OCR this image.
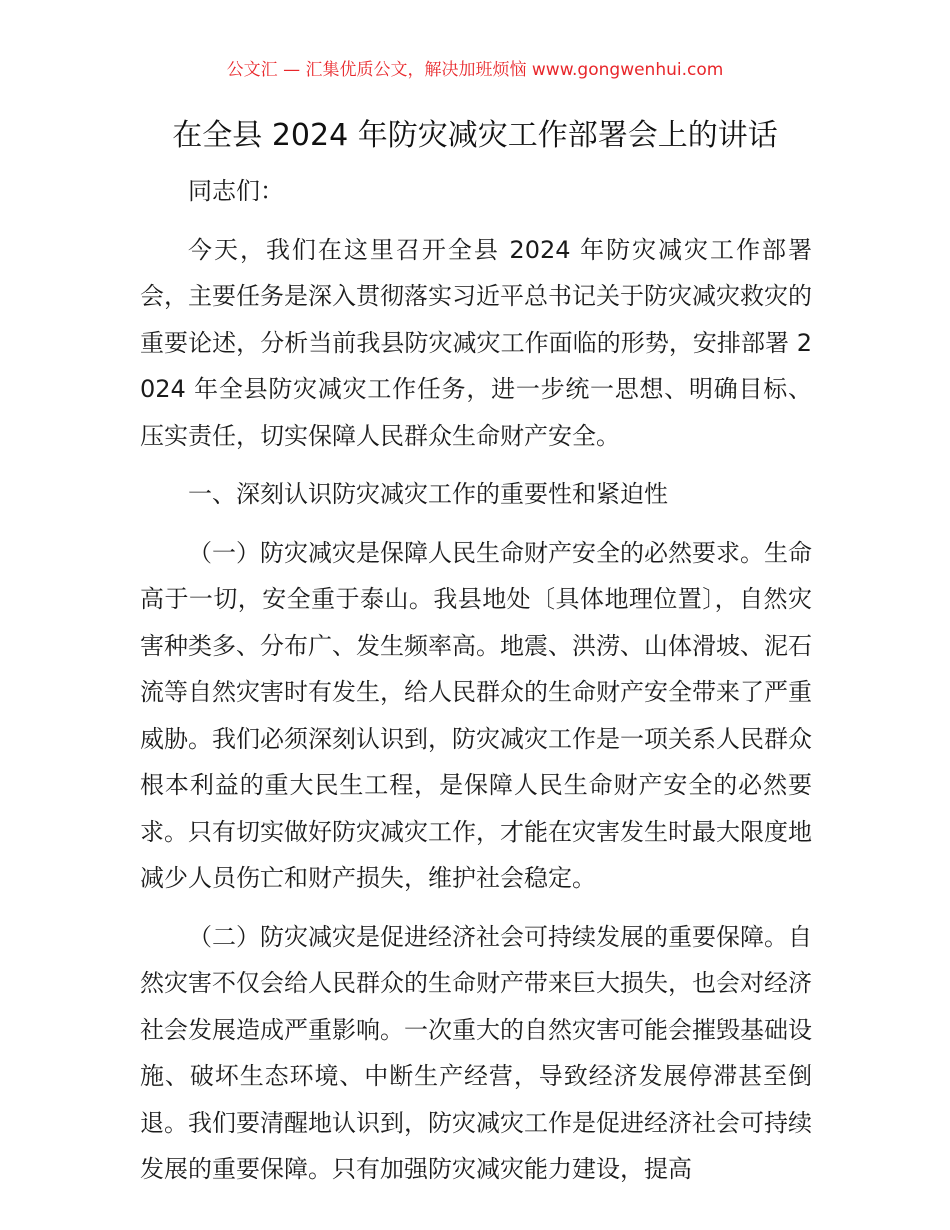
公文汇 — 汇集优质公文，解决加班烦恼 www.gongwenhui.com
在全县 2024 年防灾减灾工作部署会上的讲话

同志们：

今天，我们在这里召开全县 2024 年防灾减灾工作部署会，主要任务是深入贯彻落实习近平总书记关于防灾减灾救灾的重要论述，分析当前我县防灾减灾工作面临的形势，安排部署 2024 年全县防灾减灾工作任务，进一步统一思想、明确目标、压实责任，切实保障人民群众生命财产安全。

一、深刻认识防灾减灾工作的重要性和紧迫性

（一）防灾减灾是保障人民生命财产安全的必然要求。生命高于一切，安全重于泰山。我县地处〔具体地理位置〕，自然灾害种类多、分布广、发生频率高。地震、洪涝、山体滑坡、泥石流等自然灾害时有发生，给人民群众的生命财产安全带来了严重威胁。我们必须深刻认识到，防灾减灾工作是一项关系人民群众根本利益的重大民生工程，是保障人民生命财产安全的必然要求。只有切实做好防灾减灾工作，才能在灾害发生时最大限度地减少人员伤亡和财产损失，维护社会稳定。

（二）防灾减灾是促进经济社会可持续发展的重要保障。自然灾害不仅会给人民群众的生命财产带来巨大损失，也会对经济社会发展造成严重影响。一次重大的自然灾害可能会摧毁基础设施、破坏生态环境、中断生产经营，导致经济发展停滞甚至倒退。我们要清醒地认识到，防灾减灾工作是促进经济社会可持续发展的重要保障。只有加强防灾减灾能力建设，提高
